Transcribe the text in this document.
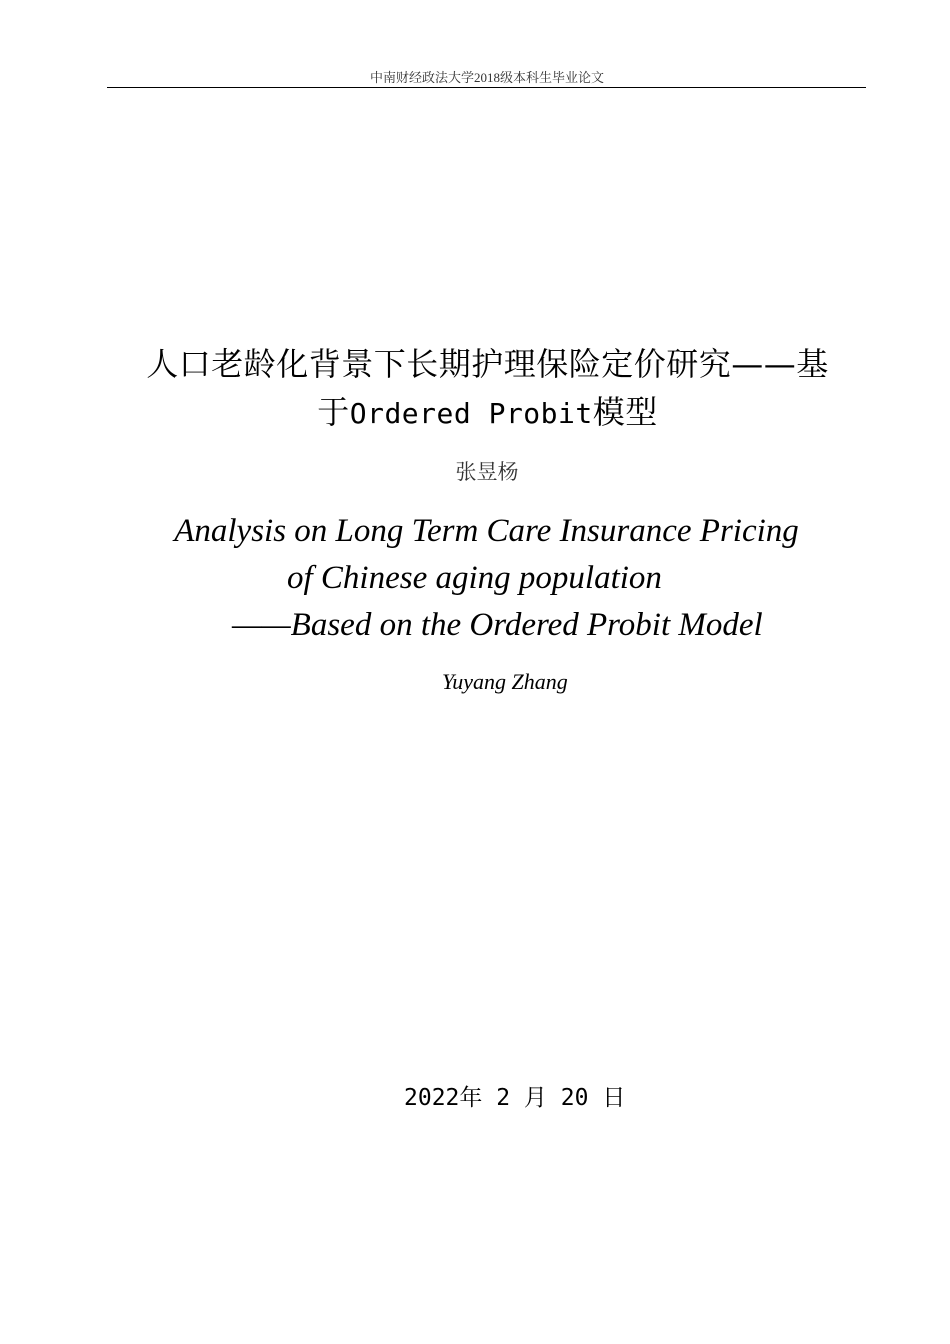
中南财经政法大学2018级本科生毕业论文
人口老龄化背景下长期护理保险定价研究——基
于Ordered Probit模型
张昱杨
Analysis on Long Term Care Insurance Pricing
of Chinese aging population
——Based on the Ordered Probit Model
Yuyang Zhang
2022年 2 月 20 日
